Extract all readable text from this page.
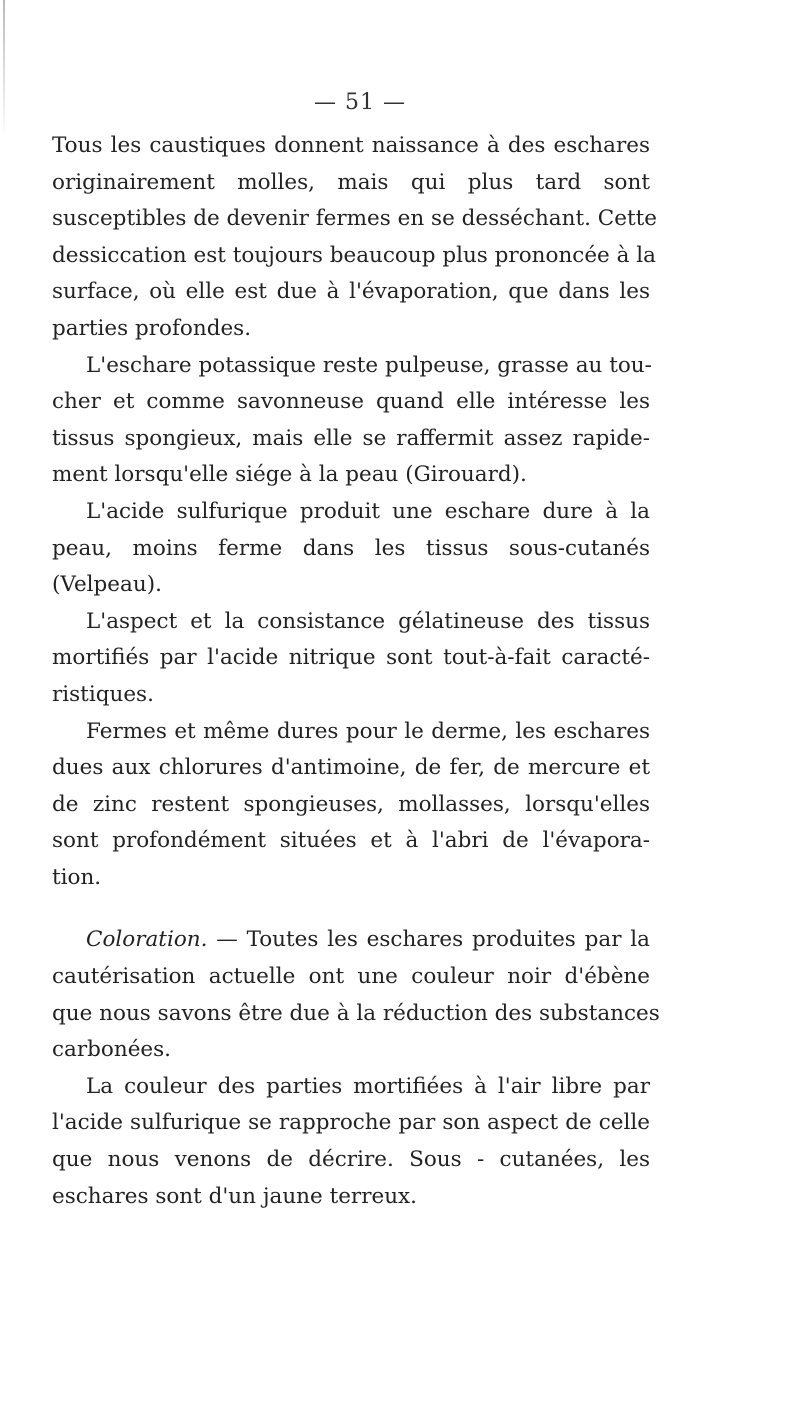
— 51 —
Tous les caustiques donnent naissance à des eschares
originairement molles, mais qui plus tard sont
susceptibles de devenir fermes en se desséchant. Cette
dessiccation est toujours beaucoup plus prononcée à la
surface, où elle est due à l'évaporation, que dans les
parties profondes.
L'eschare potassique reste pulpeuse, grasse au tou-
cher et comme savonneuse quand elle intéresse les
tissus spongieux, mais elle se raffermit assez rapide-
ment lorsqu'elle siége à la peau (Girouard).
L'acide sulfurique produit une eschare dure à la
peau, moins ferme dans les tissus sous-cutanés
(Velpeau).
L'aspect et la consistance gélatineuse des tissus
mortifiés par l'acide nitrique sont tout-à-fait caracté-
ristiques.
Fermes et même dures pour le derme, les eschares
dues aux chlorures d'antimoine, de fer, de mercure et
de zinc restent spongieuses, mollasses, lorsqu'elles
sont profondément situées et à l'abri de l'évapora-
tion.
Coloration. — Toutes les eschares produites par la
cautérisation actuelle ont une couleur noir d'ébène
que nous savons être due à la réduction des substances
carbonées.
La couleur des parties mortifiées à l'air libre par
l'acide sulfurique se rapproche par son aspect de celle
que nous venons de décrire. Sous - cutanées, les
eschares sont d'un jaune terreux.
